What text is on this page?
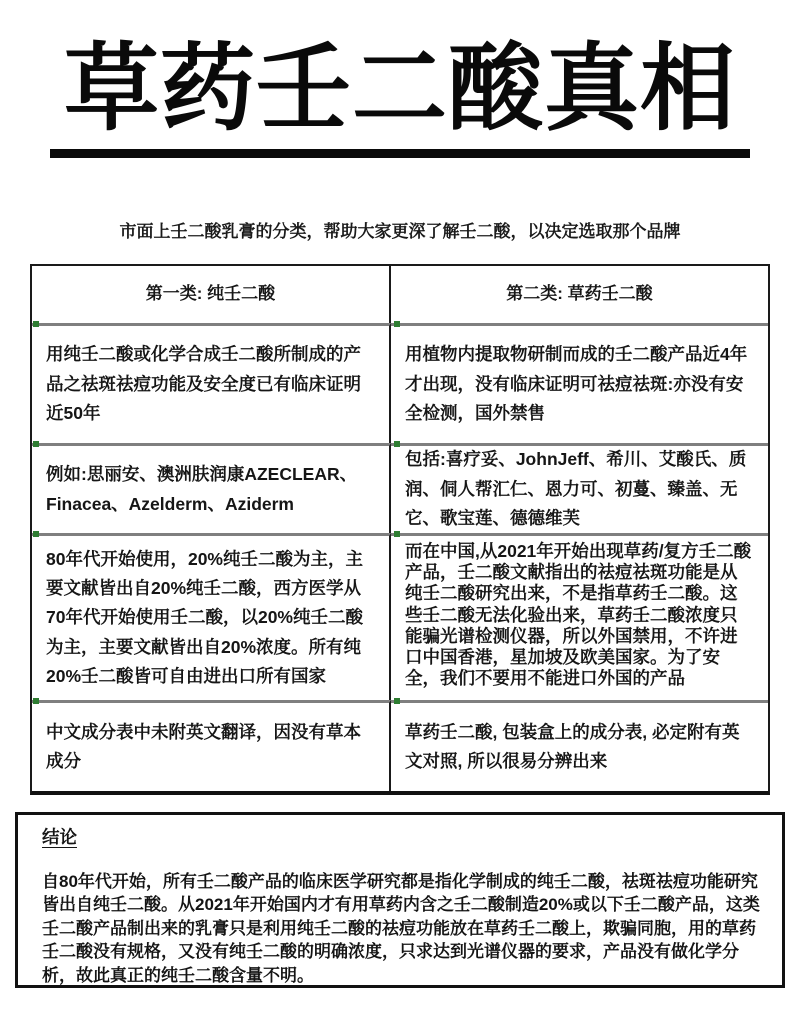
草药壬二酸真相
市面上壬二酸乳膏的分类，帮助大家更深了解壬二酸，以决定选取那个品牌
第一类: 纯壬二酸	第二类: 草药壬二酸
用纯壬二酸或化学合成壬二酸所制成的产品之祛斑祛痘功能及安全度已有临床证明近50年
用植物内提取物研制而成的壬二酸产品近4年才出现，没有临床证明可祛痘祛斑:亦没有安全检测，国外禁售
例如:思丽安、澳洲肤润康AZECLEAR、Finacea、Azelderm、Aziderm
包括:喜疗妥、JohnJeff、希川、艾酸氏、质润、侗人帮汇仁、恩力可、初蔓、臻盖、无它、歌宝莲、德德维芙
80年代开始使用，20%纯壬二酸为主，主要文献皆出自20%纯壬二酸，西方医学从70年代开始使用壬二酸，以20%纯壬二酸为主，主要文献皆出自20%浓度。所有纯20%壬二酸皆可自由进出口所有国家
而在中国,从2021年开始出现草药/复方壬二酸产品，壬二酸文献指出的祛痘祛斑功能是从纯壬二酸研究出来，不是指草药壬二酸。这些壬二酸无法化验出来，草药壬二酸浓度只能骗光谱检测仪器，所以外国禁用，不许进口中国香港，星加坡及欧美国家。为了安全，我们不要用不能进口外国的产品
中文成分表中未附英文翻译，因没有草本成分
草药壬二酸, 包装盒上的成分表, 必定附有英文对照, 所以很易分辨出来
结论
自80年代开始，所有壬二酸产品的临床医学研究都是指化学制成的纯壬二酸，祛斑祛痘功能研究皆出自纯壬二酸。从2021年开始国内才有用草药内含之壬二酸制造20%或以下壬二酸产品，这类壬二酸产品制出来的乳膏只是利用纯壬二酸的祛痘功能放在草药壬二酸上，欺骗同胞，用的草药壬二酸没有规格，又没有纯壬二酸的明确浓度，只求达到光谱仪器的要求，产品没有做化学分析，故此真正的纯壬二酸含量不明。
